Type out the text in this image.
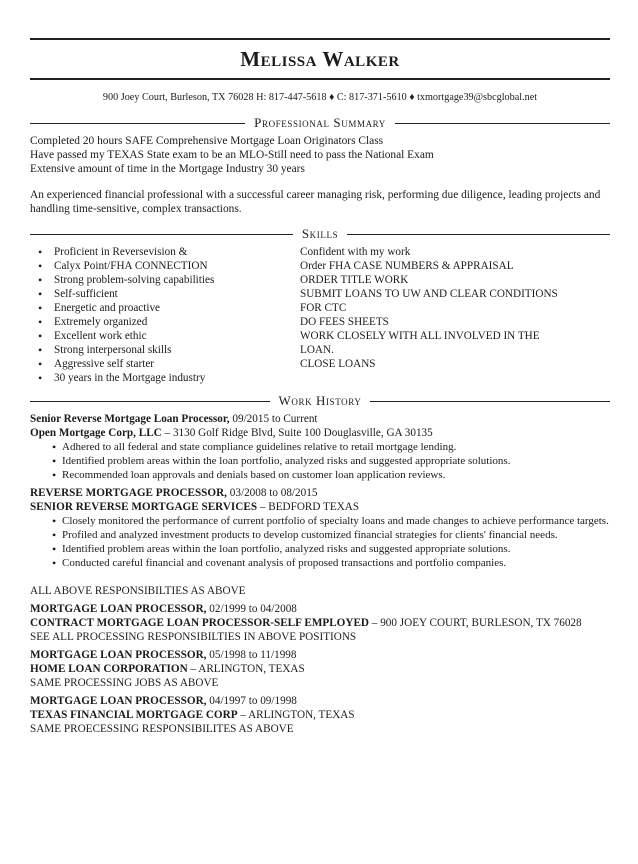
Melissa Walker
900 Joey Court, Burleson, TX 76028 H: 817-447-5618 ♦ C: 817-371-5610 ♦ txmortgage39@sbcglobal.net
Professional Summary
Completed 20 hours SAFE Comprehensive Mortgage Loan Originators Class
Have passed my TEXAS State exam to be an MLO-Still need to pass the National Exam
Extensive amount of time in the Mortgage Industry 30 years
An experienced financial professional with a successful career managing risk, performing due diligence, leading projects and handling time-sensitive, complex transactions.
Skills
• Proficient in Reversevision &
• Calyx Point/FHA CONNECTION
• Strong problem-solving capabilities
• Self-sufficient
• Energetic and proactive
• Extremely organized
• Excellent work ethic
• Strong interpersonal skills
• Aggressive self starter
• 30 years in the Mortgage industry
Confident with my work
Order FHA CASE NUMBERS & APPRAISAL
ORDER TITLE WORK
SUBMIT LOANS TO UW AND CLEAR CONDITIONS
FOR CTC
DO FEES SHEETS
WORK CLOSELY WITH ALL INVOLVED IN THE
LOAN.
CLOSE LOANS
Work History
Senior Reverse Mortgage Loan Processor, 09/2015 to Current
Open Mortgage Corp, LLC – 3130 Golf Ridge Blvd, Suite 100 Douglasville, GA 30135
• Adhered to all federal and state compliance guidelines relative to retail mortgage lending.
• Identified problem areas within the loan portfolio, analyzed risks and suggested appropriate solutions.
• Recommended loan approvals and denials based on customer loan application reviews.
REVERSE MORTGAGE PROCESSOR, 03/2008 to 08/2015
SENIOR REVERSE MORTGAGE SERVICES – BEDFORD TEXAS
• Closely monitored the performance of current portfolio of specialty loans and made changes to achieve performance targets.
• Profiled and analyzed investment products to develop customized financial strategies for clients' financial needs.
• Identified problem areas within the loan portfolio, analyzed risks and suggested appropriate solutions.
• Conducted careful financial and covenant analysis of proposed transactions and portfolio companies.
ALL ABOVE RESPONSIBILTIES AS ABOVE
MORTGAGE LOAN PROCESSOR, 02/1999 to 04/2008
CONTRACT MORTGAGE LOAN PROCESSOR-SELF EMPLOYED – 900 JOEY COURT, BURLESON, TX 76028
SEE ALL PROCESSING RESPONSIBILTIES IN ABOVE POSITIONS
MORTGAGE LOAN PROCESSOR, 05/1998 to 11/1998
HOME LOAN CORPORATION – ARLINGTON, TEXAS
SAME PROCESSING JOBS AS ABOVE
MORTGAGE LOAN PROCESSOR, 04/1997 to 09/1998
TEXAS FINANCIAL MORTGAGE CORP – ARLINGTON, TEXAS
SAME PROECESSING RESPONSIBILITES AS ABOVE
